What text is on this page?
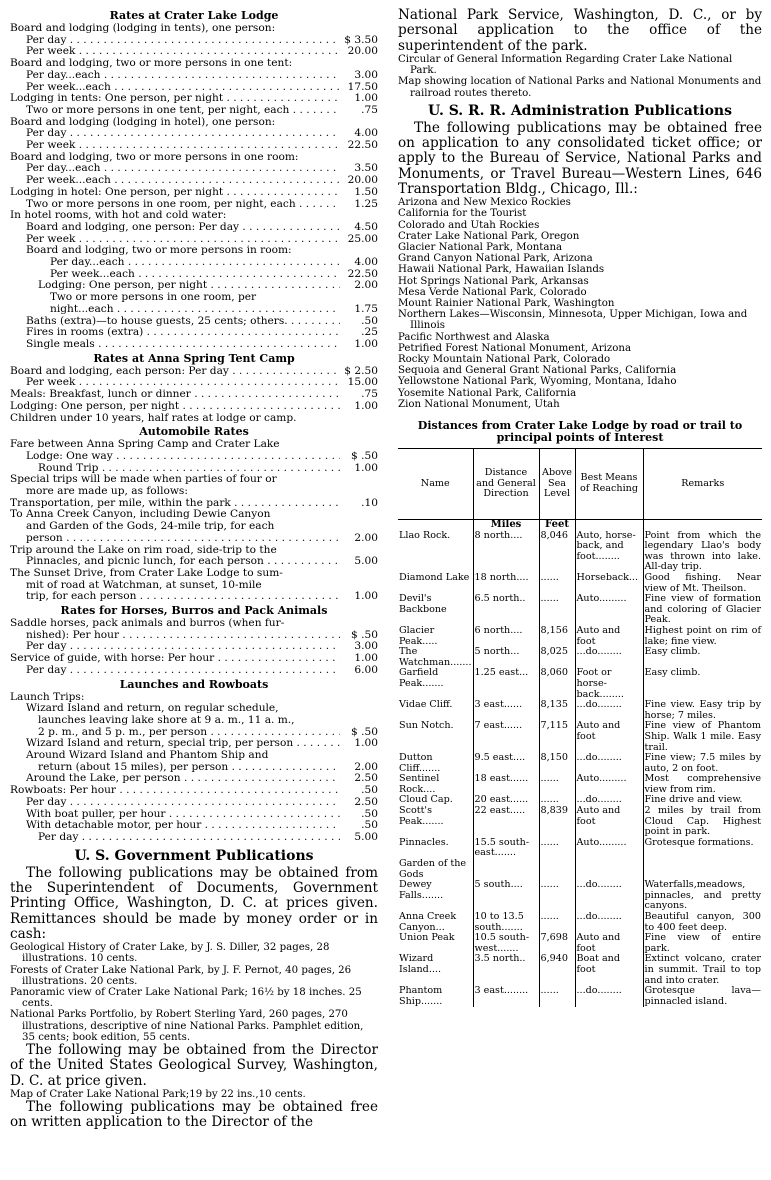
Rates at Crater Lake Lodge
Board and lodging (lodging in tents), one person:
Per day . . .	$ 3.50
Per week . . .	20.00
Board and lodging, two or more persons in one tent:
Per day...each . . .	3.00
Per week...each . . .	17.50
Lodging in tents: One person, per night . . .	1.00
Two or more persons in one tent, per night, each . . .	.75
Board and lodging (lodging in hotel), one person:
Per day . . .	4.00
Per week . . .	22.50
Board and lodging, two or more persons in one room:
Per day...each . . .	3.50
Per week...each . . .	20.00
Lodging in hotel: One person, per night . . .	1.50
Two or more persons in one room, per night, each . . .	1.25
In hotel rooms, with hot and cold water:
Board and lodging, one person: Per day . . .	4.50
Per week . . .	25.00
Board and lodging, two or more persons in room:
Per day...each . . .	4.00
Per week...each . . .	22.50
Lodging: One person, per night . . .	2.00
Two or more persons in one room, per
night...each . . .	1.75
Baths (extra)—to house guests, 25 cents; others. . . .	.50
Fires in rooms (extra) . . .	.25
Single meals . . .	1.00
Rates at Anna Spring Tent Camp
Board and lodging, each person: Per day . . .	$ 2.50
Per week . . .	15.00
Meals: Breakfast, lunch or dinner . . .	.75
Lodging: One person, per night . . .	1.00
Children under 10 years, half rates at lodge or camp.
Automobile Rates
Fare between Anna Spring Camp and Crater Lake
Lodge: One way . . .	$ .50
Round Trip . . .	1.00
Special trips will be made when parties of four or
more are made up, as follows:
Transportation, per mile, within the park . . .	.10
To Anna Creek Canyon, including Dewie Canyon
and Garden of the Gods, 24-mile trip, for each
person . . .	2.00
Trip around the Lake on rim road, side-trip to the
Pinnacles, and picnic lunch, for each person . . .	5.00
The Sunset Drive, from Crater Lake Lodge to sum-
mit of road at Watchman, at sunset, 10-mile
trip, for each person . . .	1.00
Rates for Horses, Burros and Pack Animals
Saddle horses, pack animals and burros (when fur-
nished): Per hour . . .	$ .50
Per day . . .	3.00
Service of guide, with horse: Per hour . . .	1.00
Per day . . .	6.00
Launches and Rowboats
Launch Trips:
Wizard Island and return, on regular schedule,
launches leaving lake shore at 9 a. m., 11 a. m.,
2 p. m., and 5 p. m., per person . . .	$ .50
Wizard Island and return, special trip, per person . . .	1.00
Around Wizard Island and Phantom Ship and
return (about 15 miles), per person . . .	2.00
Around the Lake, per person . . .	2.50
Rowboats: Per hour . . .	.50
Per day . . .	2.50
With boat puller, per hour . . .	.50
With detachable motor, per hour . . .	.50
Per day . . .	5.00
U. S. Government Publications

The following publications may be obtained from the Superintendent of Documents, Government Printing Office, Washington, D. C. at prices given. Remittances should be made by money order or in cash:

Geological History of Crater Lake, by J. S. Diller, 32 pages, 28 illustrations. 10 cents.

Forests of Crater Lake National Park, by J. F. Pernot, 40 pages, 26 illustrations. 20 cents.

Panoramic view of Crater Lake National Park; 16½ by 18 inches. 25 cents.

National Parks Portfolio, by Robert Sterling Yard, 260 pages, 270 illustrations, descriptive of nine National Parks. Pamphlet edition, 35 cents; book edition, 55 cents.

The following may be obtained from the Director of the United States Geological Survey, Washington, D. C. at price given.

Map of Crater Lake National Park;19 by 22 ins.,10 cents.

The following publications may be obtained free on written application to the Director of the

National Park Service, Washington, D. C., or by personal application to the office of the superintendent of the park.

Circular of General Information Regarding Crater Lake National Park.

Map showing location of National Parks and National Monuments and railroad routes thereto.

U. S. R. R. Administration Publications

The following publications may be obtained free on application to any consolidated ticket office; or apply to the Bureau of Service, National Parks and Monuments, or Travel Bureau—Western Lines, 646 Transportation Bldg., Chicago, Ill.:

Arizona and New Mexico Rockies

California for the Tourist

Colorado and Utah Rockies

Crater Lake National Park, Oregon

Glacier National Park, Montana

Grand Canyon National Park, Arizona

Hawaii National Park, Hawaiian Islands

Hot Springs National Park, Arkansas

Mesa Verde National Park, Colorado

Mount Rainier National Park, Washington

Northern Lakes—Wisconsin, Minnesota, Upper Michigan, Iowa and Illinois

Pacific Northwest and Alaska

Petrified Forest National Monument, Arizona

Rocky Mountain National Park, Colorado

Sequoia and General Grant National Parks, California

Yellowstone National Park, Wyoming, Montana, Idaho

Yosemite National Park, California

Zion National Monument, Utah

Distances from Crater Lake Lodge by road or trail to principal points of Interest
Name	Distance and General Direction	Above Sea Level	Best Means of Reaching	Remarks
	Miles	Feet		
Llao Rock.	8 north....	8,046	Auto, horse-back, and foot........	Point from which the legendary Llao's body was thrown into lake. All-day trip.
Diamond Lake	18 north....	......	Horseback...	Good fishing. Near view of Mt. Theilson.
Devil's Backbone	6.5 north..	......	Auto.........	Fine view of formation and coloring of Glacier Peak.
Glacier Peak.....	6 north....	8,156	Auto and foot	Highest point on rim of lake; fine view.
The Watchman.......	5 north...	8,025	...do........	Easy climb.
Garfield Peak.......	1.25 east...	8,060	Foot or horse-back........	Easy climb.
Vidae Cliff.	3 east......	8,135	...do........	Fine view. Easy trip by horse; 7 miles.
Sun Notch.	7 east......	7,115	Auto and foot	Fine view of Phantom Ship. Walk 1 mile. Easy trail.
Dutton Cliff.......	9.5 east....	8,150	...do........	Fine view; 7.5 miles by auto, 2 on foot.
Sentinel Rock....	18 east......	......	Auto.........	Most comprehensive view from rim.
Cloud Cap.	20 east......	......	...do........	Fine drive and view.
Scott's Peak.......	22 east.....	8,839	Auto and foot	2 miles by trail from Cloud Cap. Highest point in park.
Pinnacles.	15.5 south-east.......	......	Auto.........	Grotesque formations.
Garden of the Gods				
Dewey Falls.......	5 south....	......	...do........	Waterfalls,meadows, pinnacles, and pretty canyons.
Anna Creek Canyon...	10 to 13.5 south.......	......	...do........	Beautiful canyon, 300 to 400 feet deep.
Union Peak	10.5 south-west.......	7,698	Auto and foot	Fine view of entire park.
Wizard Island....	3.5 north..	6,940	Boat and foot	Extinct volcano, crater in summit. Trail to top and into crater.
Phantom Ship.......	3 east........	......	...do........	Grotesque lava—pinnacled island.
